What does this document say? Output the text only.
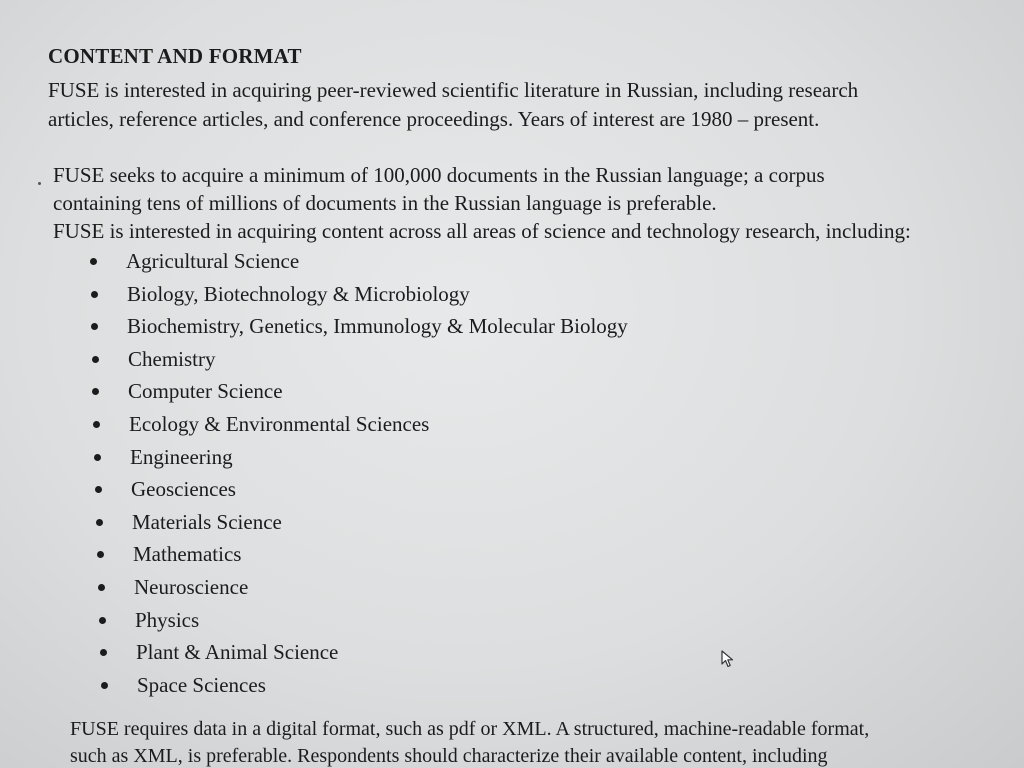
CONTENT AND FORMAT
FUSE is interested in acquiring peer-reviewed scientific literature in Russian, including research
articles, reference articles, and conference proceedings. Years of interest are 1980 – present.
FUSE seeks to acquire a minimum of 100,000 documents in the Russian language; a corpus
containing tens of millions of documents in the Russian language is preferable.
FUSE is interested in acquiring content across all areas of science and technology research, including:
Agricultural Science
Biology, Biotechnology & Microbiology
Biochemistry, Genetics, Immunology & Molecular Biology
Chemistry
Computer Science
Ecology & Environmental Sciences
Engineering
Geosciences
Materials Science
Mathematics
Neuroscience
Physics
Plant & Animal Science
Space Sciences
FUSE requires data in a digital format, such as pdf or XML. A structured, machine-readable format,
such as XML, is preferable. Respondents should characterize their available content, including
